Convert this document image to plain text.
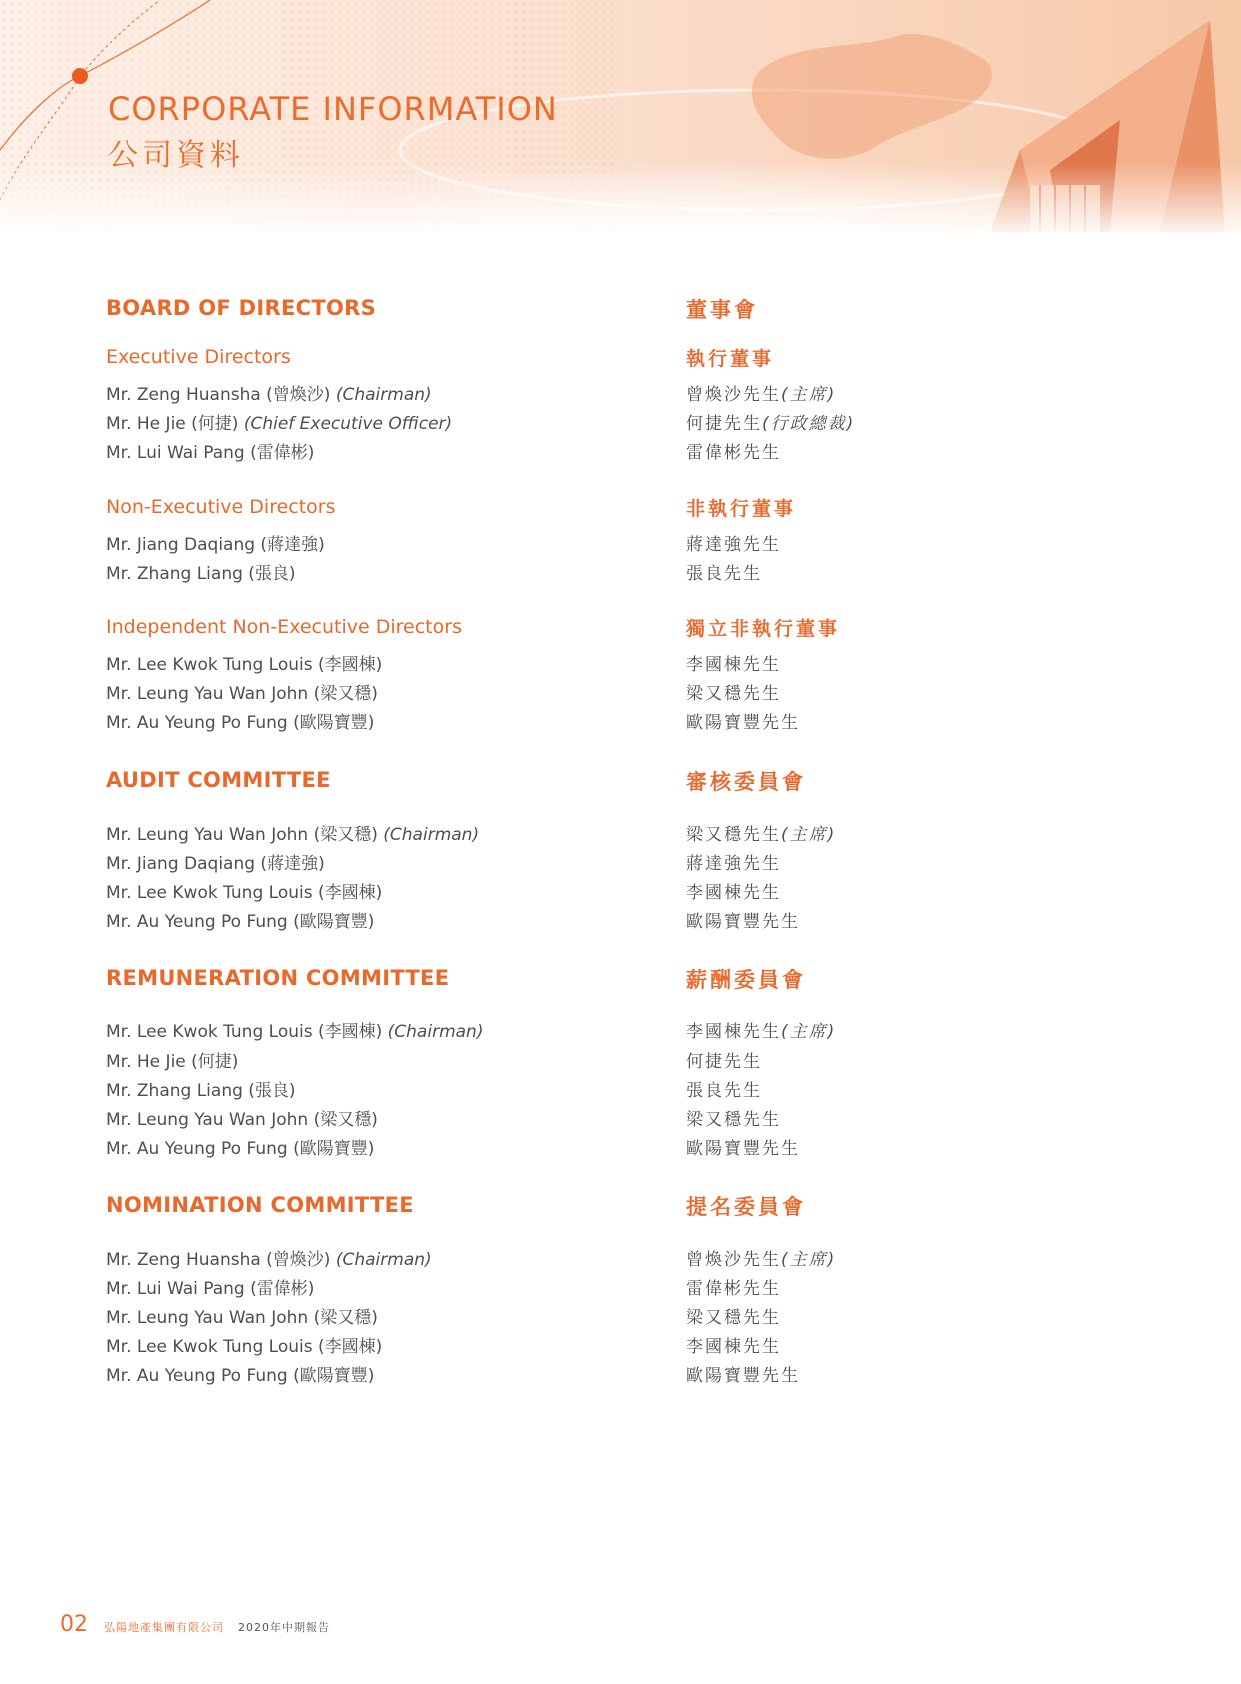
CORPORATE INFORMATION
公司資料
BOARD OF DIRECTORS
Executive Directors
Mr. Zeng Huansha (曾煥沙) (Chairman)
Mr. He Jie (何捷) (Chief Executive Officer)
Mr. Lui Wai Pang (雷偉彬)
Non-Executive Directors
Mr. Jiang Daqiang (蔣達強)
Mr. Zhang Liang (張良)
Independent Non-Executive Directors
Mr. Lee Kwok Tung Louis (李國棟)
Mr. Leung Yau Wan John (梁又穩)
Mr. Au Yeung Po Fung (歐陽寶豐)
AUDIT COMMITTEE
Mr. Leung Yau Wan John (梁又穩) (Chairman)
Mr. Jiang Daqiang (蔣達強)
Mr. Lee Kwok Tung Louis (李國棟)
Mr. Au Yeung Po Fung (歐陽寶豐)
REMUNERATION COMMITTEE
Mr. Lee Kwok Tung Louis (李國棟) (Chairman)
Mr. He Jie (何捷)
Mr. Zhang Liang (張良)
Mr. Leung Yau Wan John (梁又穩)
Mr. Au Yeung Po Fung (歐陽寶豐)
NOMINATION COMMITTEE
Mr. Zeng Huansha (曾煥沙) (Chairman)
Mr. Lui Wai Pang (雷偉彬)
Mr. Leung Yau Wan John (梁又穩)
Mr. Lee Kwok Tung Louis (李國棟)
Mr. Au Yeung Po Fung (歐陽寶豐)
董事會
執行董事
曾煥沙先生(主席)
何捷先生(行政總裁)
雷偉彬先生
非執行董事
蔣達強先生
張良先生
獨立非執行董事
李國棟先生
梁又穩先生
歐陽寶豐先生
審核委員會
梁又穩先生(主席)
蔣達強先生
李國棟先生
歐陽寶豐先生
薪酬委員會
李國棟先生(主席)
何捷先生
張良先生
梁又穩先生
歐陽寶豐先生
提名委員會
曾煥沙先生(主席)
雷偉彬先生
梁又穩先生
李國棟先生
歐陽寶豐先生
02 弘陽地產集團有限公司 2020年中期報告
